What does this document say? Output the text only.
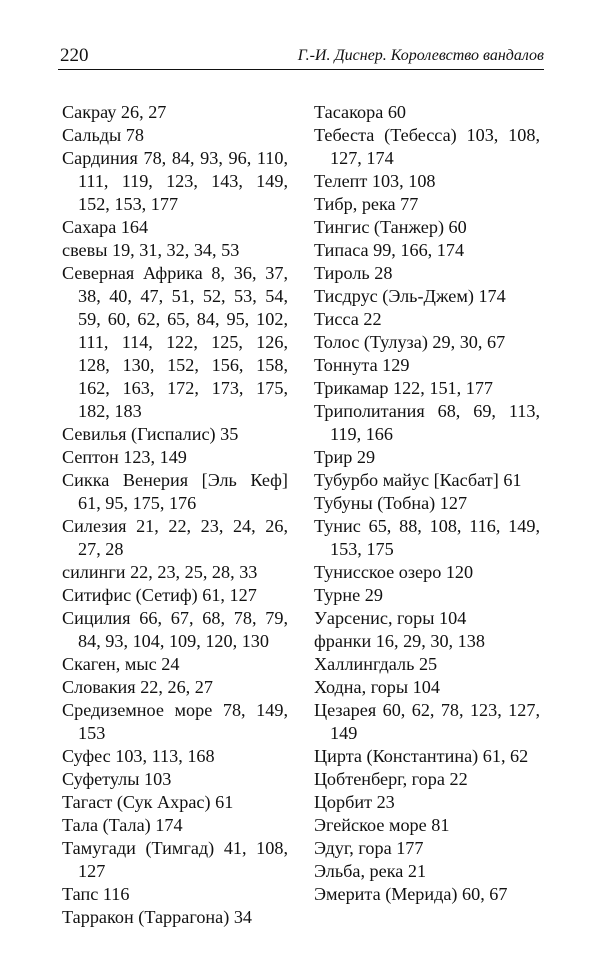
220	Г.-И. Диснер. Королевство вандалов

Сакрау 26, 27

Сальды 78

Сардиния 78, 84, 93, 96, 110, 111, 119, 123, 143, 149, 152, 153, 177

Сахара 164

свевы 19, 31, 32, 34, 53

Северная Африка 8, 36, 37, 38, 40, 47, 51, 52, 53, 54, 59, 60, 62, 65, 84, 95, 102, 111, 114, 122, 125, 126, 128, 130, 152, 156, 158, 162, 163, 172, 173, 175, 182, 183

Севилья (Гиспалис) 35

Септон 123, 149

Сикка Венерия [Эль Кеф] 61, 95, 175, 176

Силезия 21, 22, 23, 24, 26, 27, 28

силинги 22, 23, 25, 28, 33

Ситифис (Сетиф) 61, 127

Сицилия 66, 67, 68, 78, 79, 84, 93, 104, 109, 120, 130

Скаген, мыс 24

Словакия 22, 26, 27

Средиземное море 78, 149, 153

Суфес 103, 113, 168

Суфетулы 103

Тагаст (Сук Ахрас) 61

Тала (Тала) 174

Тамугади (Тимгад) 41, 108, 127

Тапс 116

Тарракон (Таррагона) 34

Тасакора 60

Тебеста (Тебесса) 103, 108, 127, 174

Телепт 103, 108

Тибр, река 77

Тингис (Танжер) 60

Типаса 99, 166, 174

Тироль 28

Тисдрус (Эль-Джем) 174

Тисса 22

Толос (Тулуза) 29, 30, 67

Тоннута 129

Трикамар 122, 151, 177

Триполитания 68, 69, 113, 119, 166

Трир 29

Тубурбо майус [Касбат] 61

Тубуны (Тобна) 127

Тунис 65, 88, 108, 116, 149, 153, 175

Тунисское озеро 120

Турне 29

Уарсенис, горы 104

франки 16, 29, 30, 138

Халлингдаль 25

Ходна, горы 104

Цезарея 60, 62, 78, 123, 127, 149

Цирта (Константина) 61, 62

Цобтенберг, гора 22

Цорбит 23

Эгейское море 81

Эдуг, гора 177

Эльба, река 21

Эмерита (Мерида) 60, 67
